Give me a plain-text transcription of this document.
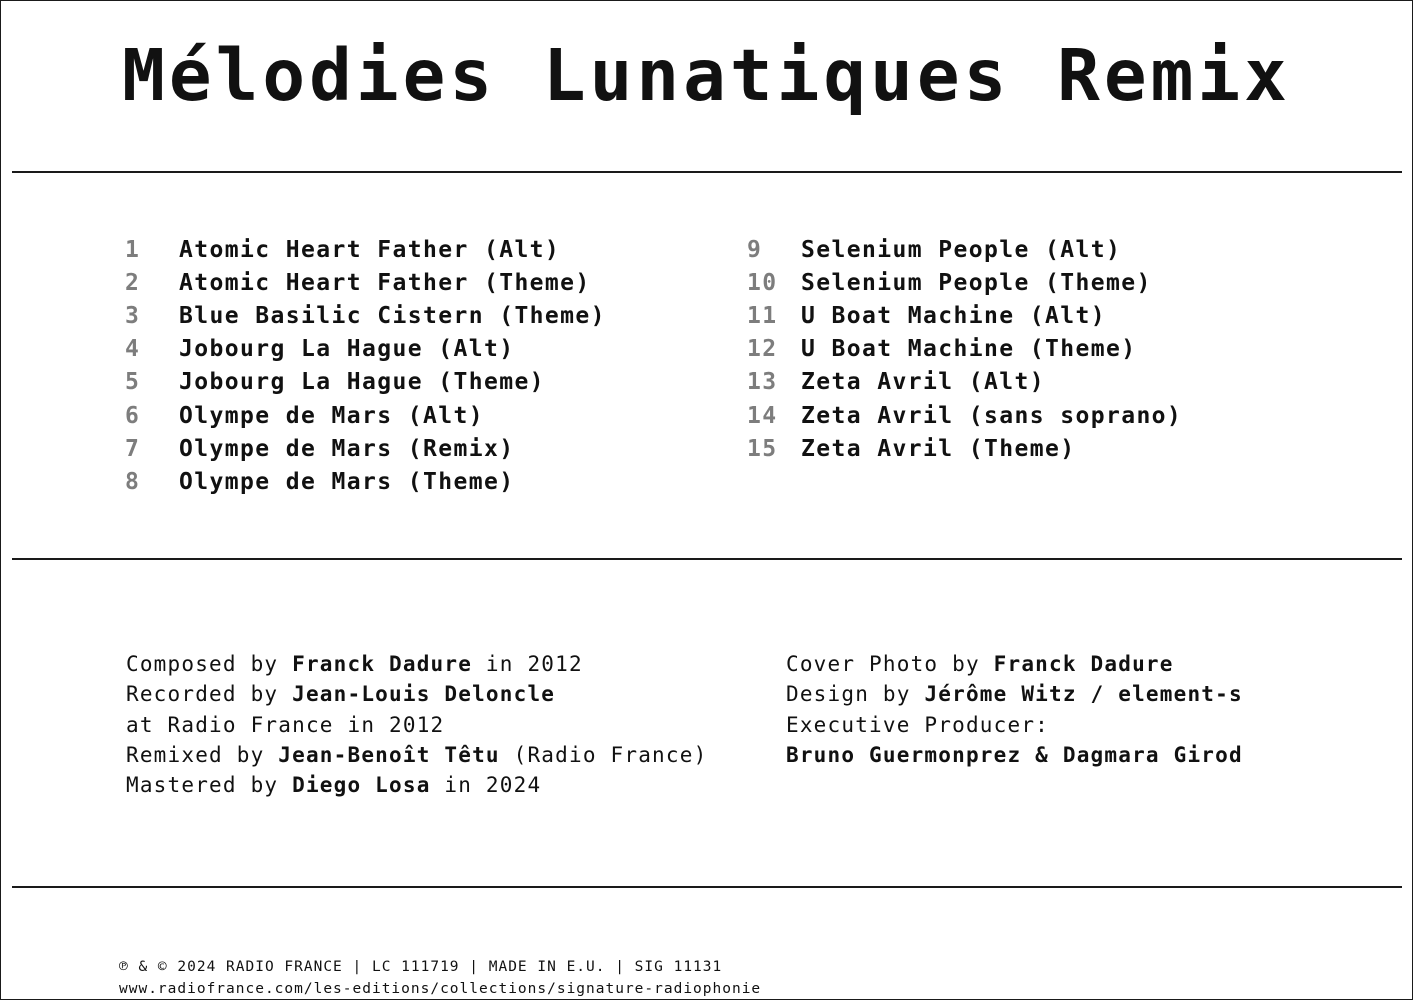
Mélodies Lunatiques Remix
1	Atomic Heart Father (Alt)
2	Atomic Heart Father (Theme)
3	Blue Basilic Cistern (Theme)
4	Jobourg La Hague (Alt)
5	Jobourg La Hague (Theme)
6	Olympe de Mars (Alt)
7	Olympe de Mars (Remix)
8	Olympe de Mars (Theme)
9	Selenium People (Alt)
10	Selenium People (Theme)
11	U Boat Machine (Alt)
12	U Boat Machine (Theme)
13	Zeta Avril (Alt)
14	Zeta Avril (sans soprano)
15	Zeta Avril (Theme)
Composed by Franck Dadure in 2012
Recorded by Jean-Louis Deloncle
at Radio France in 2012
Remixed by Jean-Benoît Têtu (Radio France)
Mastered by Diego Losa in 2024
Cover Photo by Franck Dadure
Design by Jérôme Witz / element-s
Executive Producer:
Bruno Guermonprez & Dagmara Girod
℗ & © 2024 RADIO FRANCE | LC 111719 | MADE IN E.U. | SIG 11131
www.radiofrance.com/les-editions/collections/signature-radiophonie
